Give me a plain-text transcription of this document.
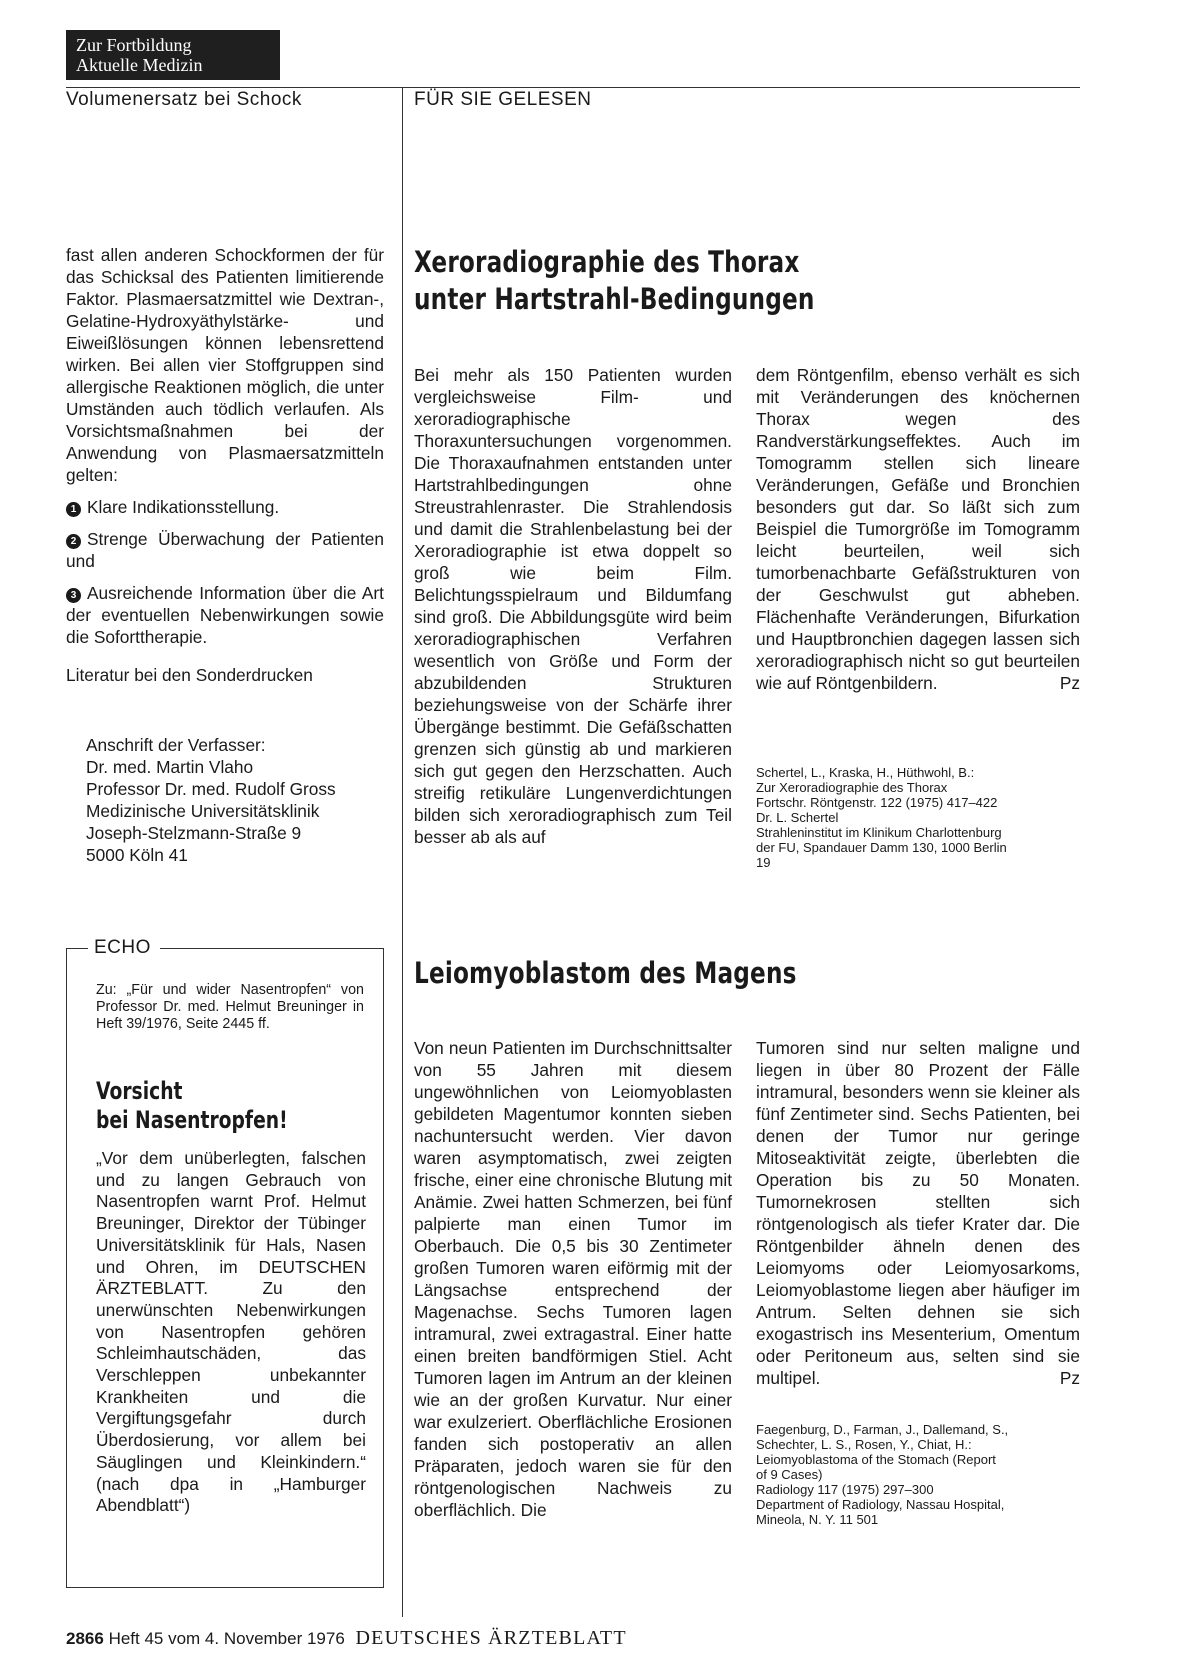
Zur Fortbildung
Aktuelle Medizin
Volumenersatz bei Schock	FÜR SIE GELESEN

fast allen anderen Schockformen der für das Schicksal des Patienten limitierende Faktor. Plasmaersatzmittel wie Dextran-, Gelatine-Hydroxyäthylstärke- und Eiweißlösungen können lebensrettend wirken. Bei allen vier Stoffgruppen sind allergische Reaktionen möglich, die unter Umständen auch tödlich verlaufen. Als Vorsichtsmaßnahmen bei der Anwendung von Plasmaersatzmitteln gelten:

1 Klare Indikationsstellung.
2 Strenge Überwachung der Patienten und
3 Ausreichende Information über die Art der eventuellen Nebenwirkungen sowie die Soforttherapie.
Literatur bei den Sonderdrucken
Anschrift der Verfasser:
Dr. med. Martin Vlaho
Professor Dr. med. Rudolf Gross
Medizinische Universitätsklinik
Joseph-Stelzmann-Straße 9
5000 Köln 41
Xeroradiographie des Thorax
unter Hartstrahl-Bedingungen
Bei mehr als 150 Patienten wurden vergleichsweise Film- und xeroradiographische Thoraxuntersuchungen vorgenommen. Die Thoraxaufnahmen entstanden unter Hartstrahlbedingungen ohne Streustrahlenraster. Die Strahlendosis und damit die Strahlenbelastung bei der Xeroradiographie ist etwa doppelt so groß wie beim Film. Belichtungsspielraum und Bildumfang sind groß. Die Abbildungsgüte wird beim xeroradiographischen Verfahren wesentlich von Größe und Form der abzubildenden Strukturen beziehungsweise von der Schärfe ihrer Übergänge bestimmt. Die Gefäßschatten grenzen sich günstig ab und markieren sich gut gegen den Herzschatten. Auch streifig retikuläre Lungenverdichtungen bilden sich xeroradiographisch zum Teil besser ab als auf
dem Röntgenfilm, ebenso verhält es sich mit Veränderungen des knöchernen Thorax wegen des Randverstärkungseffektes. Auch im Tomogramm stellen sich lineare Veränderungen, Gefäße und Bronchien besonders gut dar. So läßt sich zum Beispiel die Tumorgröße im Tomogramm leicht beurteilen, weil sich tumorbenachbarte Gefäßstrukturen von der Geschwulst gut abheben. Flächenhafte Veränderungen, Bifurkation und Hauptbronchien dagegen lassen sich xeroradiographisch nicht so gut beurteilen wie auf Röntgenbildern.	Pz
Schertel, L., Kraska, H., Hüthwohl, B.:
Zur Xeroradiographie des Thorax
Fortschr. Röntgenstr. 122 (1975) 417–422
Dr. L. Schertel
Strahleninstitut im Klinikum Charlottenburg
der FU, Spandauer Damm 130, 1000 Berlin
19
ECHO
Zu: „Für und wider Nasentropfen“ von Professor Dr. med. Helmut Breuninger in Heft 39/1976, Seite 2445 ff.
Vorsicht
bei Nasentropfen!
„Vor dem unüberlegten, falschen und zu langen Gebrauch von Nasentropfen warnt Prof. Helmut Breuninger, Direktor der Tübinger Universitätsklinik für Hals, Nasen und Ohren, im DEUTSCHEN ÄRZTEBLATT. Zu den unerwünschten Nebenwirkungen von Nasentropfen gehören Schleimhautschäden, das Verschleppen unbekannter Krankheiten und die Vergiftungsgefahr durch Überdosierung, vor allem bei Säuglingen und Kleinkindern.“ (nach dpa in „Hamburger Abendblatt“)
Leiomyoblastom des Magens
Von neun Patienten im Durchschnittsalter von 55 Jahren mit diesem ungewöhnlichen von Leiomyoblasten gebildeten Magentumor konnten sieben nachuntersucht werden. Vier davon waren asymptomatisch, zwei zeigten frische, einer eine chronische Blutung mit Anämie. Zwei hatten Schmerzen, bei fünf palpierte man einen Tumor im Oberbauch. Die 0,5 bis 30 Zentimeter großen Tumoren waren eiförmig mit der Längsachse entsprechend der Magenachse. Sechs Tumoren lagen intramural, zwei extragastral. Einer hatte einen breiten bandförmigen Stiel. Acht Tumoren lagen im Antrum an der kleinen wie an der großen Kurvatur. Nur einer war exulzeriert. Oberflächliche Erosionen fanden sich postoperativ an allen Präparaten, jedoch waren sie für den röntgenologischen Nachweis zu oberflächlich. Die
Tumoren sind nur selten maligne und liegen in über 80 Prozent der Fälle intramural, besonders wenn sie kleiner als fünf Zentimeter sind. Sechs Patienten, bei denen der Tumor nur geringe Mitoseaktivität zeigte, überlebten die Operation bis zu 50 Monaten. Tumornekrosen stellten sich röntgenologisch als tiefer Krater dar. Die Röntgenbilder ähneln denen des Leiomyoms oder Leiomyosarkoms, Leiomyoblastome liegen aber häufiger im Antrum. Selten dehnen sie sich exogastrisch ins Mesenterium, Omentum oder Peritoneum aus, selten sind sie multipel.	Pz
Faegenburg, D., Farman, J., Dallemand, S.,
Schechter, L. S., Rosen, Y., Chiat, H.:
Leiomyoblastoma of the Stomach (Report
of 9 Cases)
Radiology 117 (1975) 297–300
Department of Radiology, Nassau Hospital,
Mineola, N. Y. 11 501
2866 Heft 45 vom 4. November 1976 DEUTSCHES ÄRZTEBLATT
